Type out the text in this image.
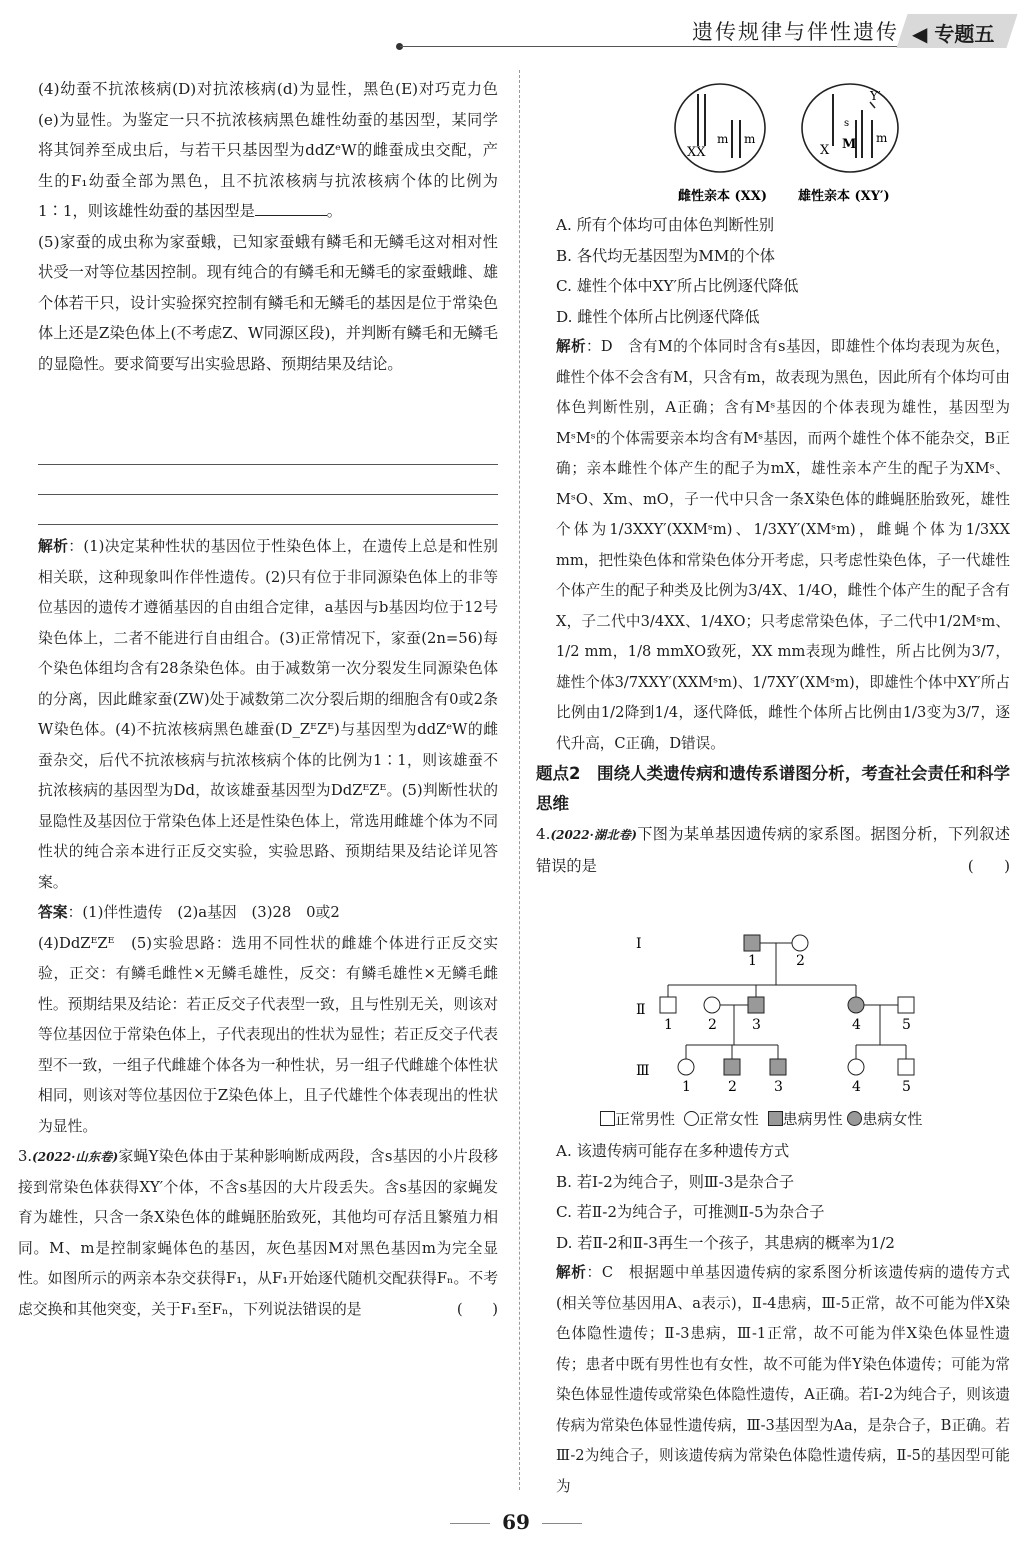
遗传规律与伴性遗传 ◀ 专题五

(4)幼蚕不抗浓核病(D)对抗浓核病(d)为显性，黑色(E)对巧克力色(e)为显性。为鉴定一只不抗浓核病黑色雄性幼蚕的基因型，某同学将其饲养至成虫后，与若干只基因型为ddZᵉW的雌蚕成虫交配，产生的F₁幼蚕全部为黑色，且不抗浓核病与抗浓核病个体的比例为1∶1，则该雄性幼蚕的基因型是	。

(5)家蚕的成虫称为家蚕蛾，已知家蚕蛾有鳞毛和无鳞毛这对相对性状受一对等位基因控制。现有纯合的有鳞毛和无鳞毛的家蚕蛾雌、雄个体若干只，设计实验探究控制有鳞毛和无鳞毛的基因是位于常染色体上还是Z染色体上(不考虑Z、W同源区段)，并判断有鳞毛和无鳞毛的显隐性。要求简要写出实验思路、预期结果及结论。

解析：(1)决定某种性状的基因位于性染色体上，在遗传上总是和性别相关联，这种现象叫作伴性遗传。(2)只有位于非同源染色体上的非等位基因的遗传才遵循基因的自由组合定律，a基因与b基因均位于12号染色体上，二者不能进行自由组合。(3)正常情况下，家蚕(2n=56)每个染色体组均含有28条染色体。由于减数第一次分裂发生同源染色体的分离，因此雌家蚕(ZW)处于减数第二次分裂后期的细胞含有0或2条W染色体。(4)不抗浓核病黑色雄蚕(D_ZᴱZᴱ)与基因型为ddZᵉW的雌蚕杂交，后代不抗浓核病与抗浓核病个体的比例为1∶1，则该雄蚕不抗浓核病的基因型为Dd，故该雄蚕基因型为DdZᴱZᴱ。(5)判断性状的显隐性及基因位于常染色体上还是性染色体上，常选用雌雄个体为不同性状的纯合亲本进行正反交实验，实验思路、预期结果及结论详见答案。

答案：(1)伴性遗传　(2)a基因　(3)28　0或2

(4)DdZᴱZᴱ　(5)实验思路：选用不同性状的雌雄个体进行正反交实验，正交：有鳞毛雌性×无鳞毛雄性，反交：有鳞毛雄性×无鳞毛雌性。预期结果及结论：若正反交子代表型一致，且与性别无关，则该对等位基因位于常染色体上，子代表现出的性状为显性；若正反交子代表型不一致，一组子代雌雄个体各为一种性状，另一组子代雌雄个体性状相同，则该对等位基因位于Z染色体上，且子代雄性个体表现出的性状为显性。

3.(2022·山东卷)家蝇Y染色体由于某种影响断成两段，含s基因的小片段移接到常染色体获得XY′个体，不含s基因的大片段丢失。含s基因的家蝇发育为雄性，只含一条X染色体的雌蝇胚胎致死，其他均可存活且繁殖力相同。M、m是控制家蝇体色的基因，灰色基因M对黑色基因m为完全显性。如图所示的两亲本杂交获得F₁，从F₁开始逐代随机交配获得Fₙ。不考虑交换和其他突变，关于F₁至Fₙ，下列说法错误的是	(　　)

XX
m m
X M
s
m
Y′
雌性亲本 (XX) 雄性亲本 (XY′)

A. 所有个体均可由体色判断性别

B. 各代均无基因型为MM的个体

C. 雄性个体中XY′所占比例逐代降低

D. 雌性个体所占比例逐代降低

解析：D　含有M的个体同时含有s基因，即雄性个体均表现为灰色，雌性个体不会含有M，只含有m，故表现为黑色，因此所有个体均可由体色判断性别，A正确；含有Mˢ基因的个体表现为雄性，基因型为MˢMˢ的个体需要亲本均含有Mˢ基因，而两个雄性个体不能杂交，B正确；亲本雌性个体产生的配子为mX，雄性亲本产生的配子为XMˢ、MˢO、Xm、mO，子一代中只含一条X染色体的雌蝇胚胎致死，雄性个体为1/3XXY′(XXMˢm)、1/3XY′(XMˢm)，雌蝇个体为1/3XX mm，把性染色体和常染色体分开考虑，只考虑性染色体，子一代雄性个体产生的配子种类及比例为3/4X、1/4O，雌性个体产生的配子含有X，子二代中3/4XX、1/4XO；只考虑常染色体，子二代中1/2Mˢm、1/2 mm，1/8 mmXO致死，XX mm表现为雌性，所占比例为3/7，雄性个体3/7XXY′(XXMˢm)、1/7XY′(XMˢm)，即雄性个体中XY′所占比例由1/2降到1/4，逐代降低，雌性个体所占比例由1/3变为3/7，逐代升高，C正确，D错误。

题点2　围绕人类遗传病和遗传系谱图分析，考查社会责任和科学思维

4.(2022·湖北卷)下图为某单基因遗传病的家系图。据图分析，下列叙述错误的是	(　　)

Ⅰ
Ⅱ
Ⅲ
1	2
1	2	3	4	5
1	2	3	4	5
正常男性 正常女性 患病男性 患病女性

A. 该遗传病可能存在多种遗传方式

B. 若Ⅰ-2为纯合子，则Ⅲ-3是杂合子

C. 若Ⅱ-2为纯合子，可推测Ⅱ-5为杂合子

D. 若Ⅱ-2和Ⅱ-3再生一个孩子，其患病的概率为1/2

解析：C　根据题中单基因遗传病的家系图分析该遗传病的遗传方式(相关等位基因用A、a表示)，Ⅱ-4患病，Ⅲ-5正常，故不可能为伴X染色体隐性遗传；Ⅱ-3患病，Ⅲ-1正常，故不可能为伴X染色体显性遗传；患者中既有男性也有女性，故不可能为伴Y染色体遗传；可能为常染色体显性遗传或常染色体隐性遗传，A正确。若Ⅰ-2为纯合子，则该遗传病为常染色体显性遗传病，Ⅲ-3基因型为Aa，是杂合子，B正确。若Ⅲ-2为纯合子，则该遗传病为常染色体隐性遗传病，Ⅱ-5的基因型可能为

69
